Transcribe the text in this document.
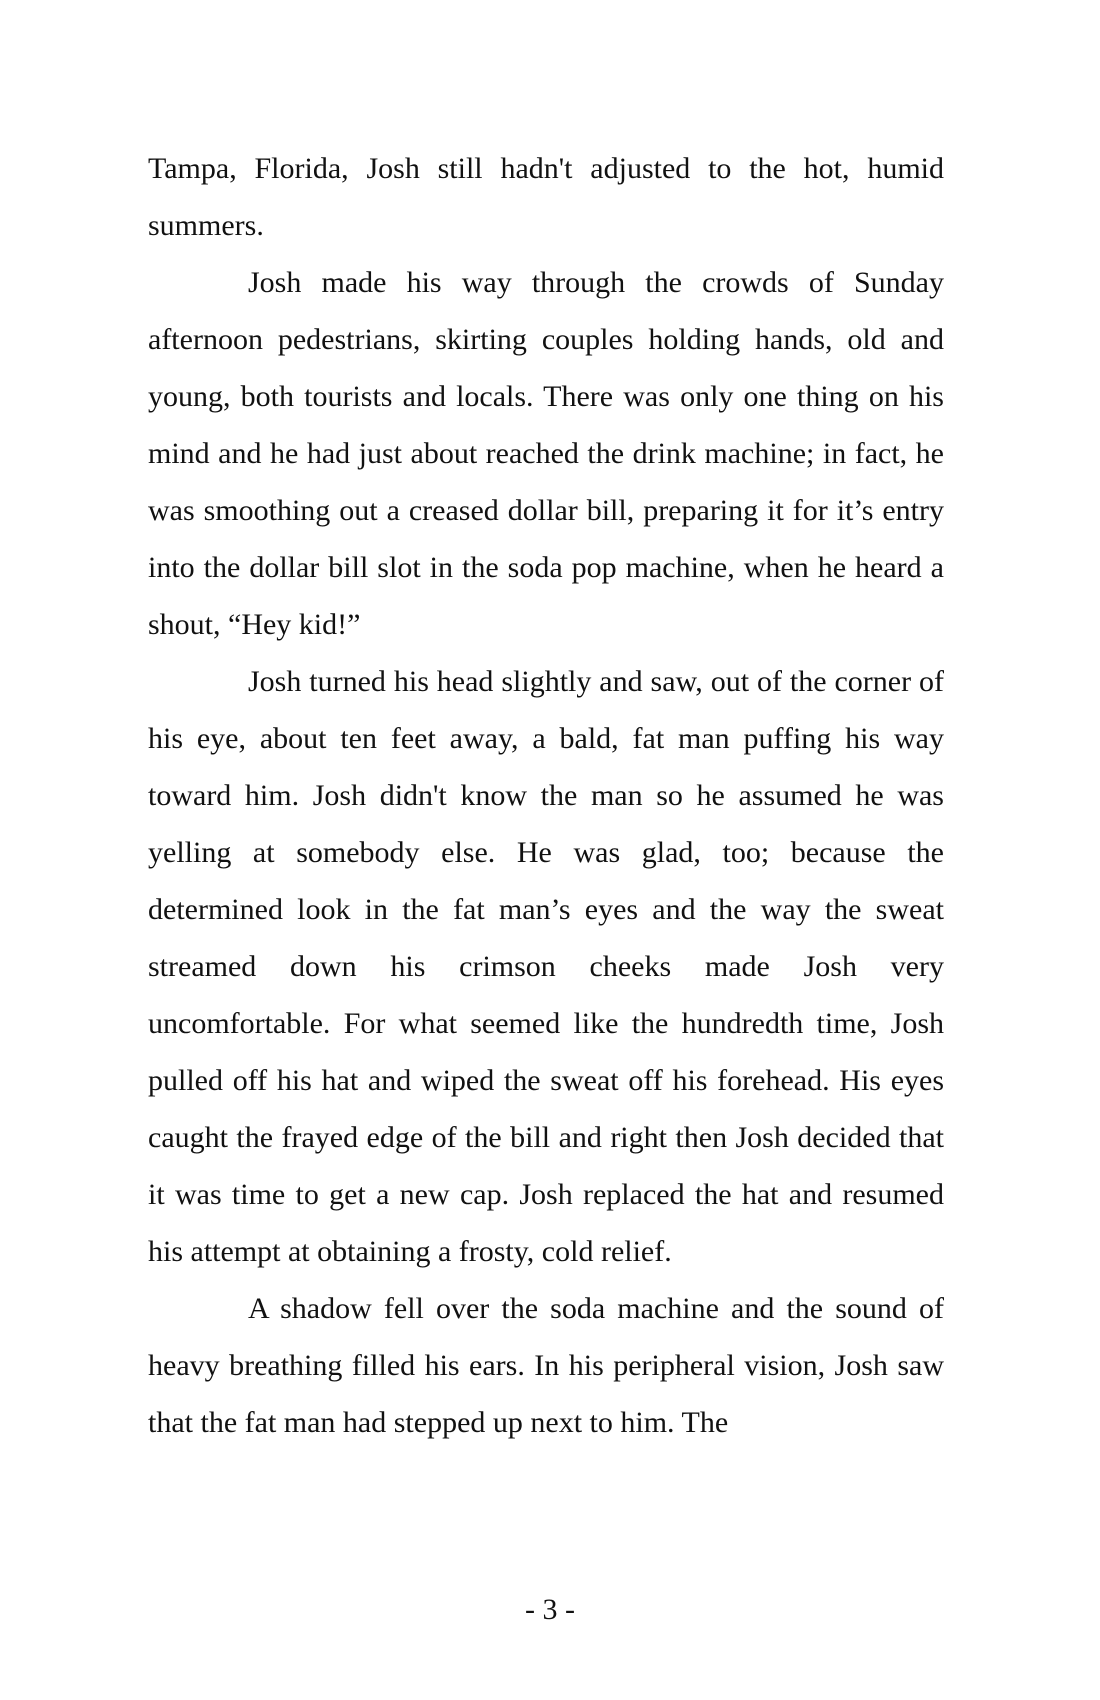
Tampa, Florida, Josh still hadn't adjusted to the hot, humid summers.

Josh made his way through the crowds of Sunday afternoon pedestrians, skirting couples holding hands, old and young, both tourists and locals. There was only one thing on his mind and he had just about reached the drink machine; in fact, he was smoothing out a creased dollar bill, preparing it for it’s entry into the dollar bill slot in the soda pop machine, when he heard a shout, “Hey kid!”

Josh turned his head slightly and saw, out of the corner of his eye, about ten feet away, a bald, fat man puffing his way toward him. Josh didn't know the man so he assumed he was yelling at somebody else. He was glad, too; because the determined look in the fat man’s eyes and the way the sweat streamed down his crimson cheeks made Josh very uncomfortable. For what seemed like the hundredth time, Josh pulled off his hat and wiped the sweat off his forehead. His eyes caught the frayed edge of the bill and right then Josh decided that it was time to get a new cap. Josh replaced the hat and resumed his attempt at obtaining a frosty, cold relief.

A shadow fell over the soda machine and the sound of heavy breathing filled his ears. In his peripheral vision, Josh saw that the fat man had stepped up next to him. The

- 3 -
